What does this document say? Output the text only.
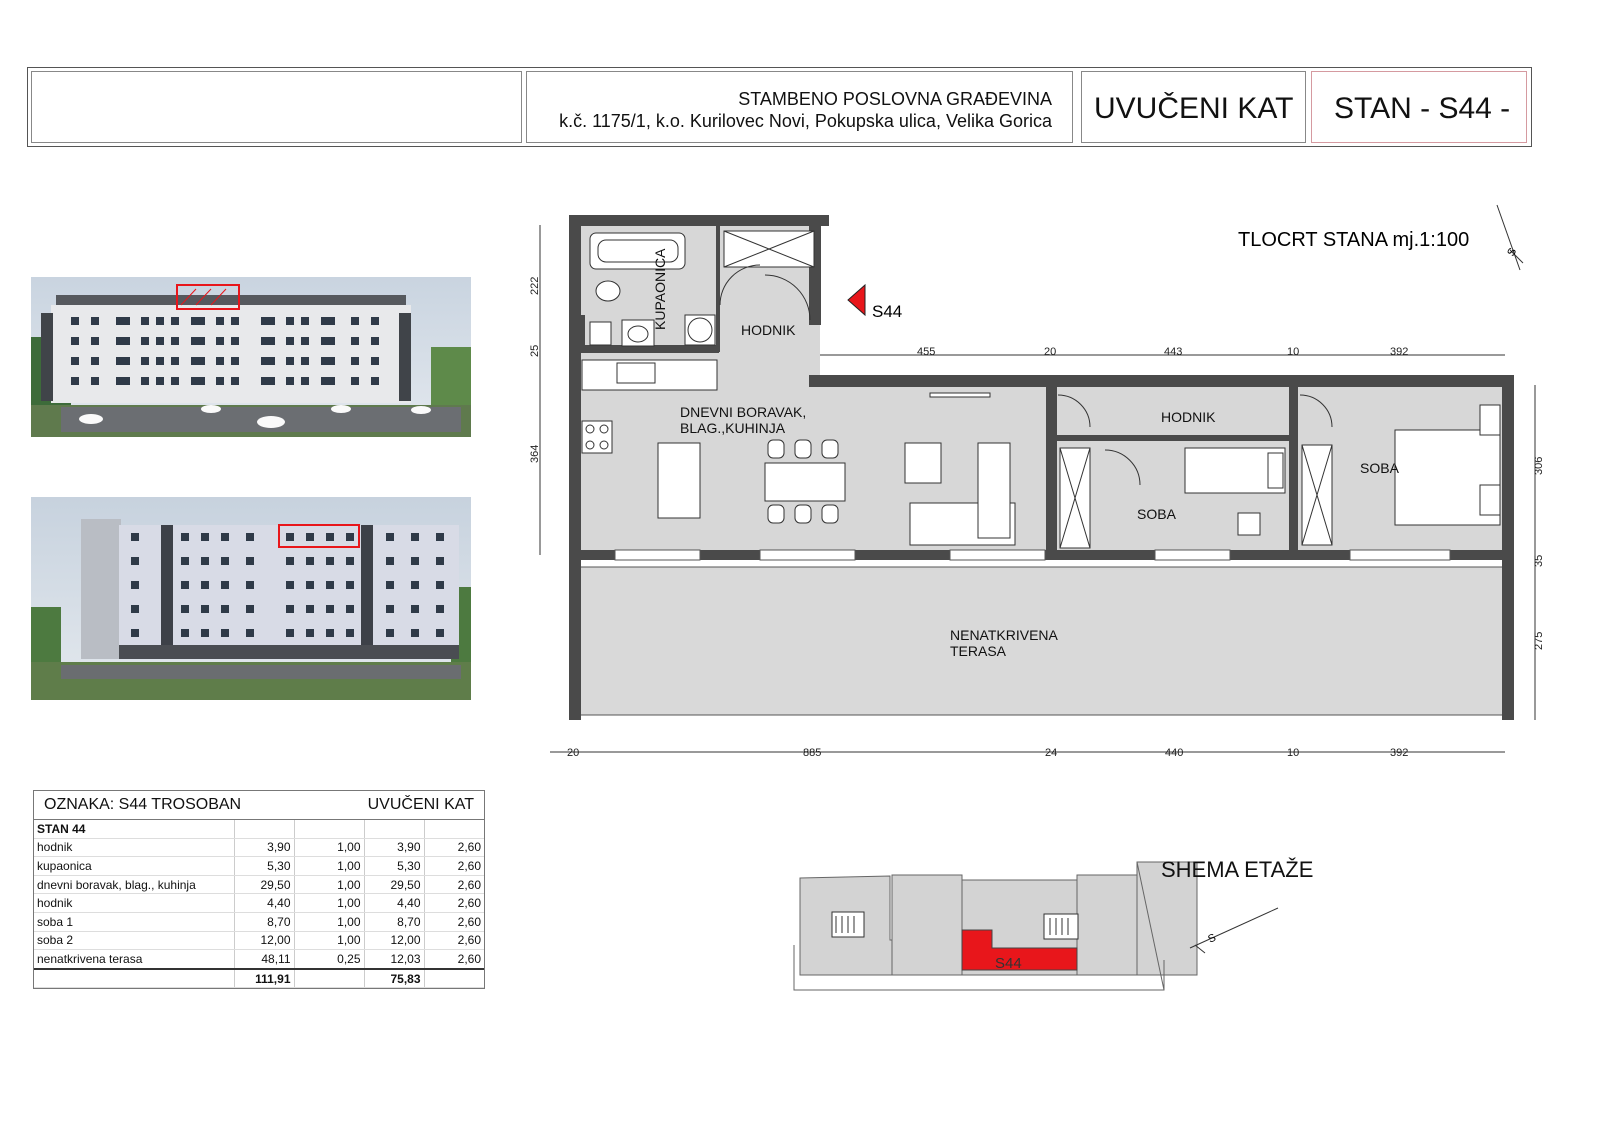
STAMBENO POSLOVNA GRAĐEVINA
k.č. 1175/1, k.o. Kurilovec Novi, Pokupska ulica, Velika Gorica UVUČENI KAT STAN - S44 -
455	20	443	10	392
20	885	24	440	10	392
222
25
364
306
35
275
KUPAONICA	HODNIK
DNEVNI BORAVAK,
BLAG.,KUHINJA
HODNIK
SOBA
SOBA
NENATKRIVENA
TERASA
S44
TLOCRT STANA mj.1:100
S
S44
SHEMA ETAŽE
S
OZNAKA: S44 TROSOBAN	UVUČENI KAT
STAN 44				
hodnik	3,90	1,00	3,90	2,60
kupaonica	5,30	1,00	5,30	2,60
dnevni boravak, blag., kuhinja	29,50	1,00	29,50	2,60
hodnik	4,40	1,00	4,40	2,60
soba 1	8,70	1,00	8,70	2,60
soba 2	12,00	1,00	12,00	2,60
nenatkrivena terasa	48,11	0,25	12,03	2,60
	111,91		75,83	
